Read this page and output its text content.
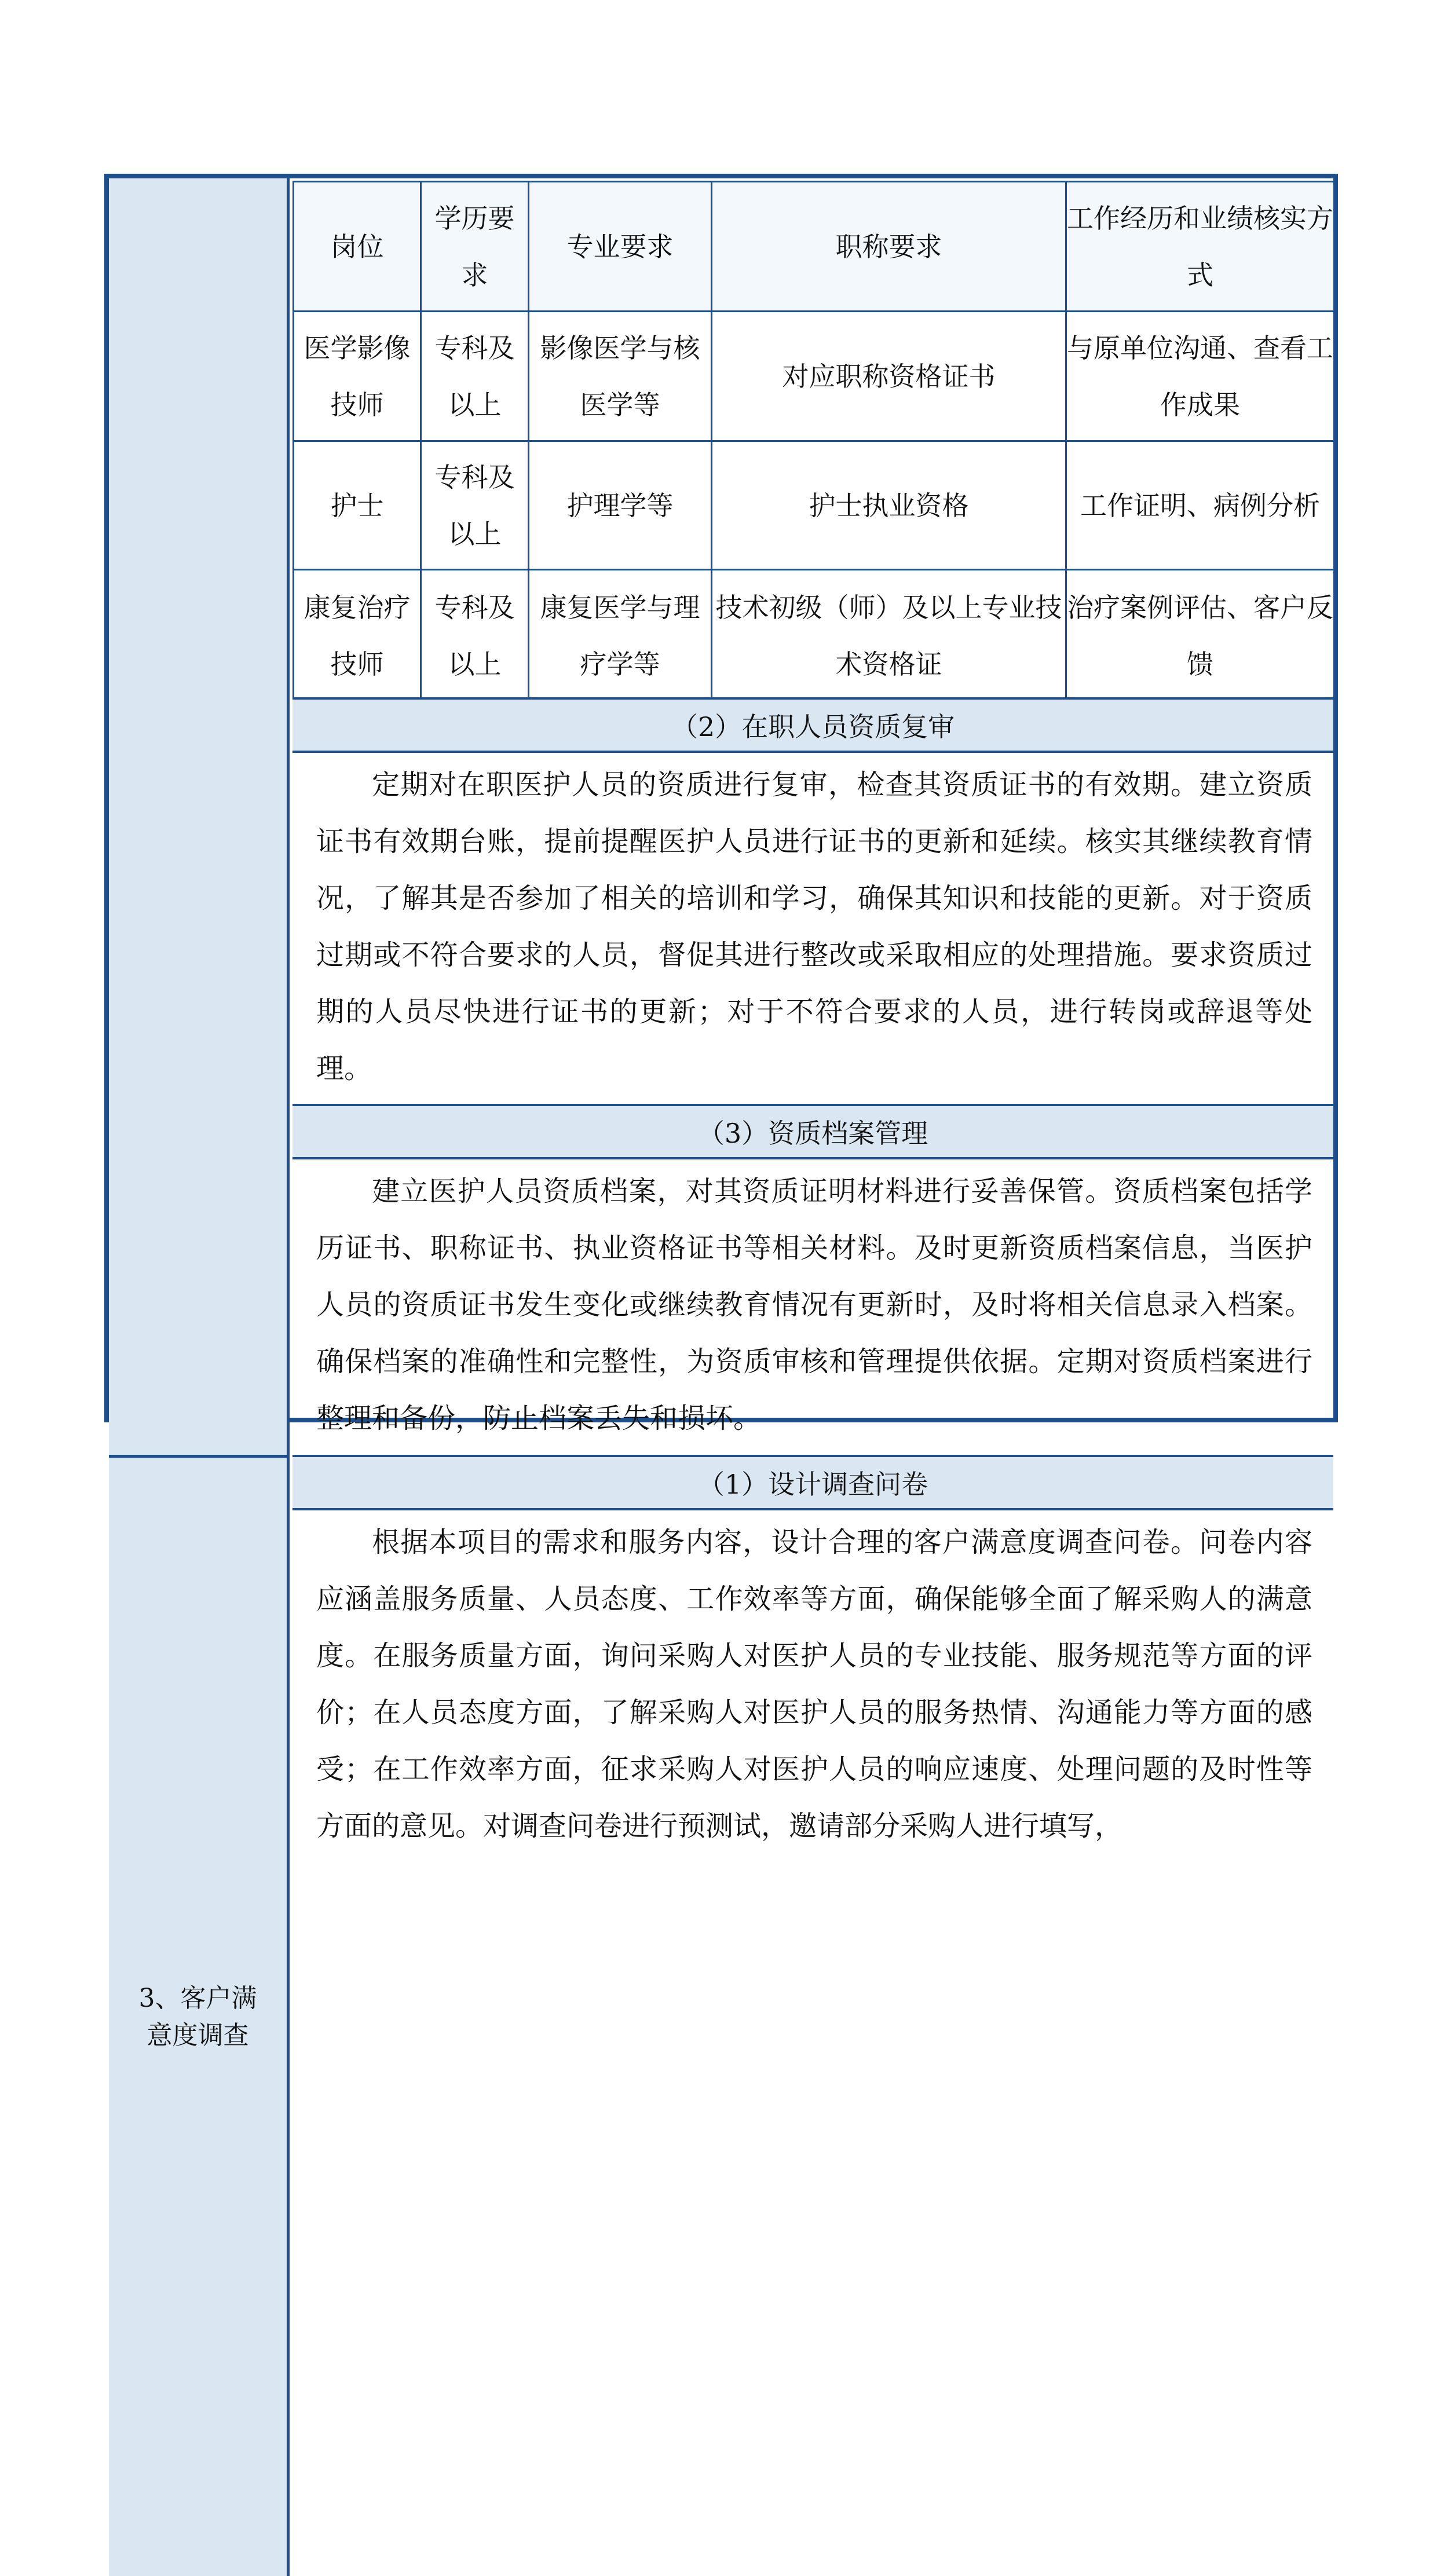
3、客户满
意度调查
岗位	学历要求	专业要求	职称要求	工作经历和业绩核实方式
医学影像技师	专科及以上	影像医学与核医学等	对应职称资格证书	与原单位沟通、查看工作成果
护士	专科及以上	护理学等	护士执业资格	工作证明、病例分析
康复治疗技师	专科及以上	康复医学与理疗学等	技术初级（师）及以上专业技术资格证	治疗案例评估、客户反馈
（2）在职人员资质复审
定期对在职医护人员的资质进行复审，检查其资质证书的有效期。建立资质证书有效期台账，提前提醒医护人员进行证书的更新和延续。核实其继续教育情况，了解其是否参加了相关的培训和学习，确保其知识和技能的更新。对于资质过期或不符合要求的人员，督促其进行整改或采取相应的处理措施。要求资质过期的人员尽快进行证书的更新；对于不符合要求的人员，进行转岗或辞退等处理。
（3）资质档案管理
建立医护人员资质档案，对其资质证明材料进行妥善保管。资质档案包括学历证书、职称证书、执业资格证书等相关材料。及时更新资质档案信息，当医护人员的资质证书发生变化或继续教育情况有更新时，及时将相关信息录入档案。确保档案的准确性和完整性，为资质审核和管理提供依据。定期对资质档案进行整理和备份，防止档案丢失和损坏。
（1）设计调查问卷
根据本项目的需求和服务内容，设计合理的客户满意度调查问卷。问卷内容应涵盖服务质量、人员态度、工作效率等方面，确保能够全面了解采购人的满意度。在服务质量方面，询问采购人对医护人员的专业技能、服务规范等方面的评价；在人员态度方面，了解采购人对医护人员的服务热情、沟通能力等方面的感受；在工作效率方面，征求采购人对医护人员的响应速度、处理问题的及时性等方面的意见。对调查问卷进行预测试，邀请部分采购人进行填写，
